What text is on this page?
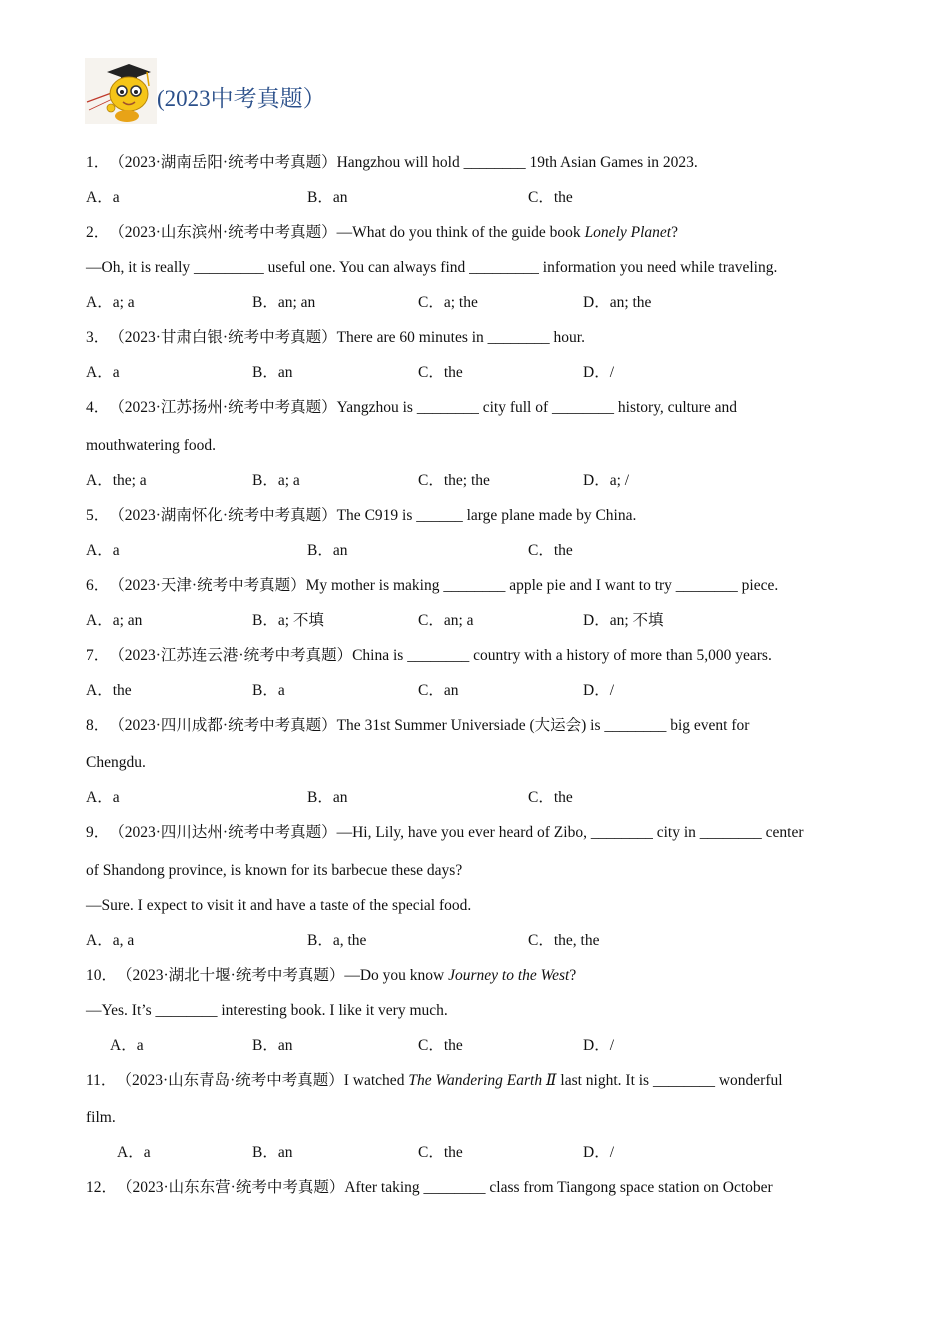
(2023中考真题）
1．（2023·湖南岳阳·统考中考真题）Hangzhou will hold ________ 19th Asian Games in 2023.
A．a	B．an	C．the
2．（2023·山东滨州·统考中考真题）—What do you think of the guide book Lonely Planet?
—Oh, it is really _________ useful one. You can always find _________ information you need while traveling.
A．a; a	B．an; an	C．a; the	D．an; the
3．（2023·甘肃白银·统考中考真题）There are 60 minutes in ________ hour.
A．a	B．an	C．the	D．/
4．（2023·江苏扬州·统考中考真题）Yangzhou is ________ city full of ________ history, culture and
mouthwatering food.
A．the; a	B．a; a	C．the; the	D．a; /
5．（2023·湖南怀化·统考中考真题）The C919 is ______ large plane made by China.
A．a	B．an	C．the
6．（2023·天津·统考中考真题）My mother is making ________ apple pie and I want to try ________ piece.
A．a; an	B．a; 不填	C．an; a	D．an; 不填
7．（2023·江苏连云港·统考中考真题）China is ________ country with a history of more than 5,000 years.
A．the	B．a	C．an	D．/
8．（2023·四川成都·统考中考真题）The 31st Summer Universiade (大运会) is ________ big event for
Chengdu.
A．a	B．an	C．the
9．（2023·四川达州·统考中考真题）—Hi, Lily, have you ever heard of Zibo, ________ city in ________ center
of Shandong province, is known for its barbecue these days?
—Sure. I expect to visit it and have a taste of the special food.
A．a, a	B．a, the	C．the, the
10．（2023·湖北十堰·统考中考真题）—Do you know Journey to the West?
—Yes. It’s ________ interesting book. I like it very much.
A．a	B．an	C．the	D．/
11．（2023·山东青岛·统考中考真题）I watched The Wandering Earth Ⅱ last night. It is ________ wonderful
film.
A．a	B．an	C．the	D．/
12．（2023·山东东营·统考中考真题）After taking ________ class from Tiangong space station on October
